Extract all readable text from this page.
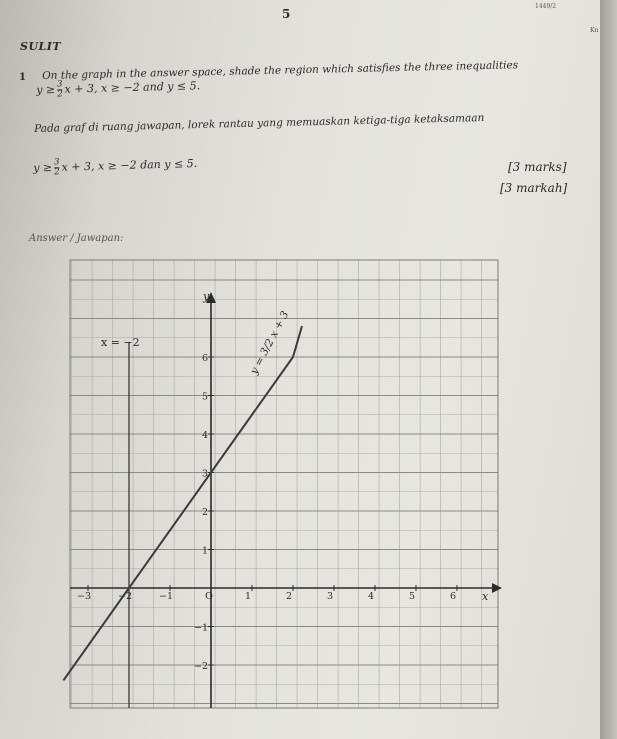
5
1449/2
Kn
SULIT
1 On the graph in the answer space, shade the region which satisfies the three inequalities
$y \ge \frac{3}{2}$ x + 3, x ≥ −2 and y ≤ 5.
Pada graf di ruang jawapan, lorek rantau yang memuaskan ketiga-tiga ketaksamaan
$y \ge \frac{3}{2}$ x + 3, x ≥ −2 dan y ≤ 5.	[3 marks]
[3 markah]
Answer / Jawapan:
x
y
−3	−2	−1	O	1	2	3	4	5	6
−2
−1
1
2
3
4
5
6
x = −2	y = 3/2 x + 3
